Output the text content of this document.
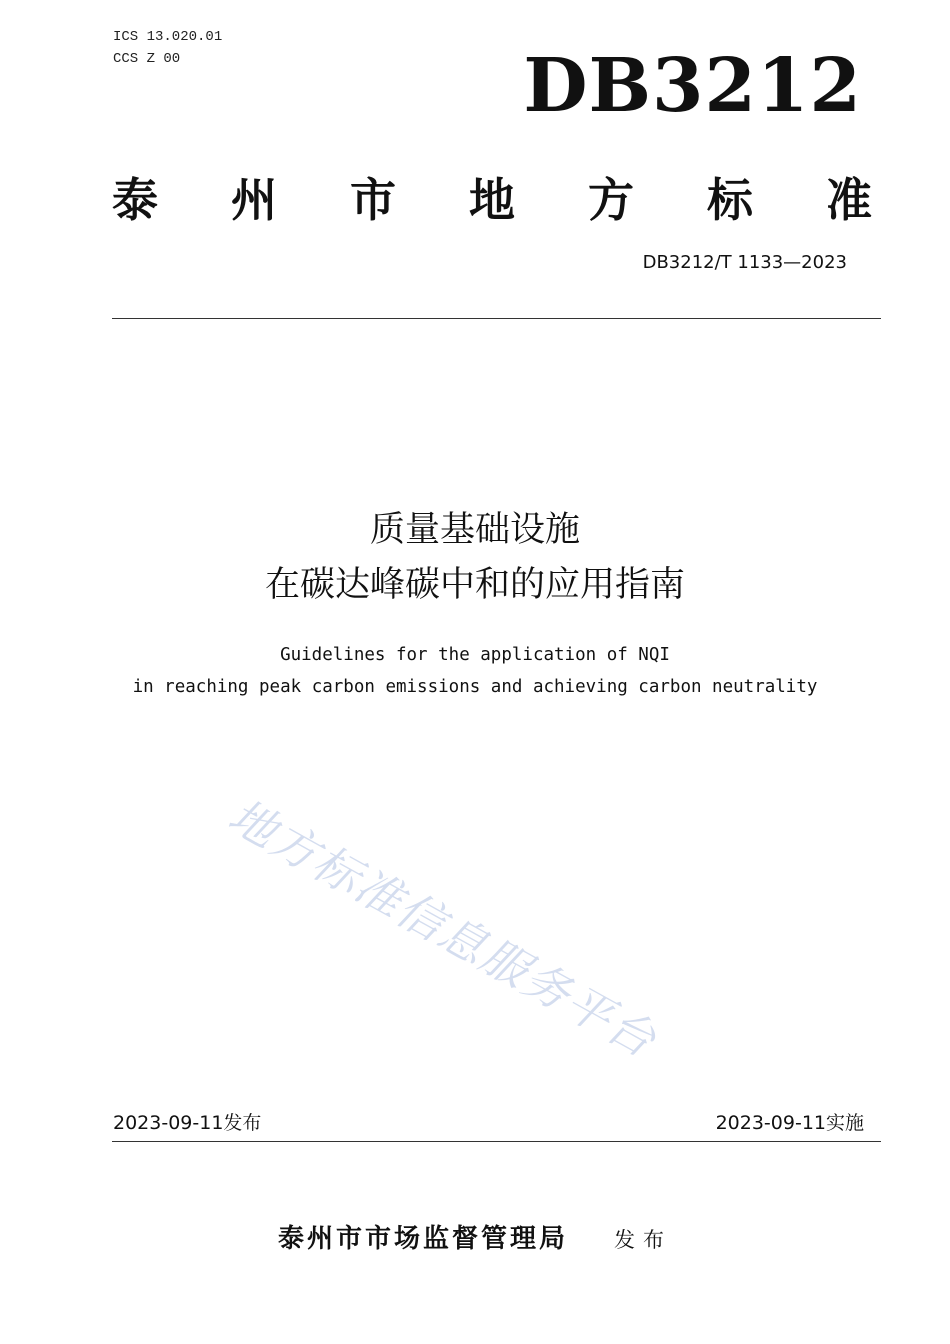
ICS 13.020.01
CCS Z 00	DB3212
泰 州 市 地 方 标 准
DB3212/T 1133—2023
质量基础设施
在碳达峰碳中和的应用指南
Guidelines for the application of NQI
in reaching peak carbon emissions and achieving carbon neutrality
地方标准信息服务平台
2023-09-11发布	2023-09-11实施
泰州市市场监督管理局 发布
